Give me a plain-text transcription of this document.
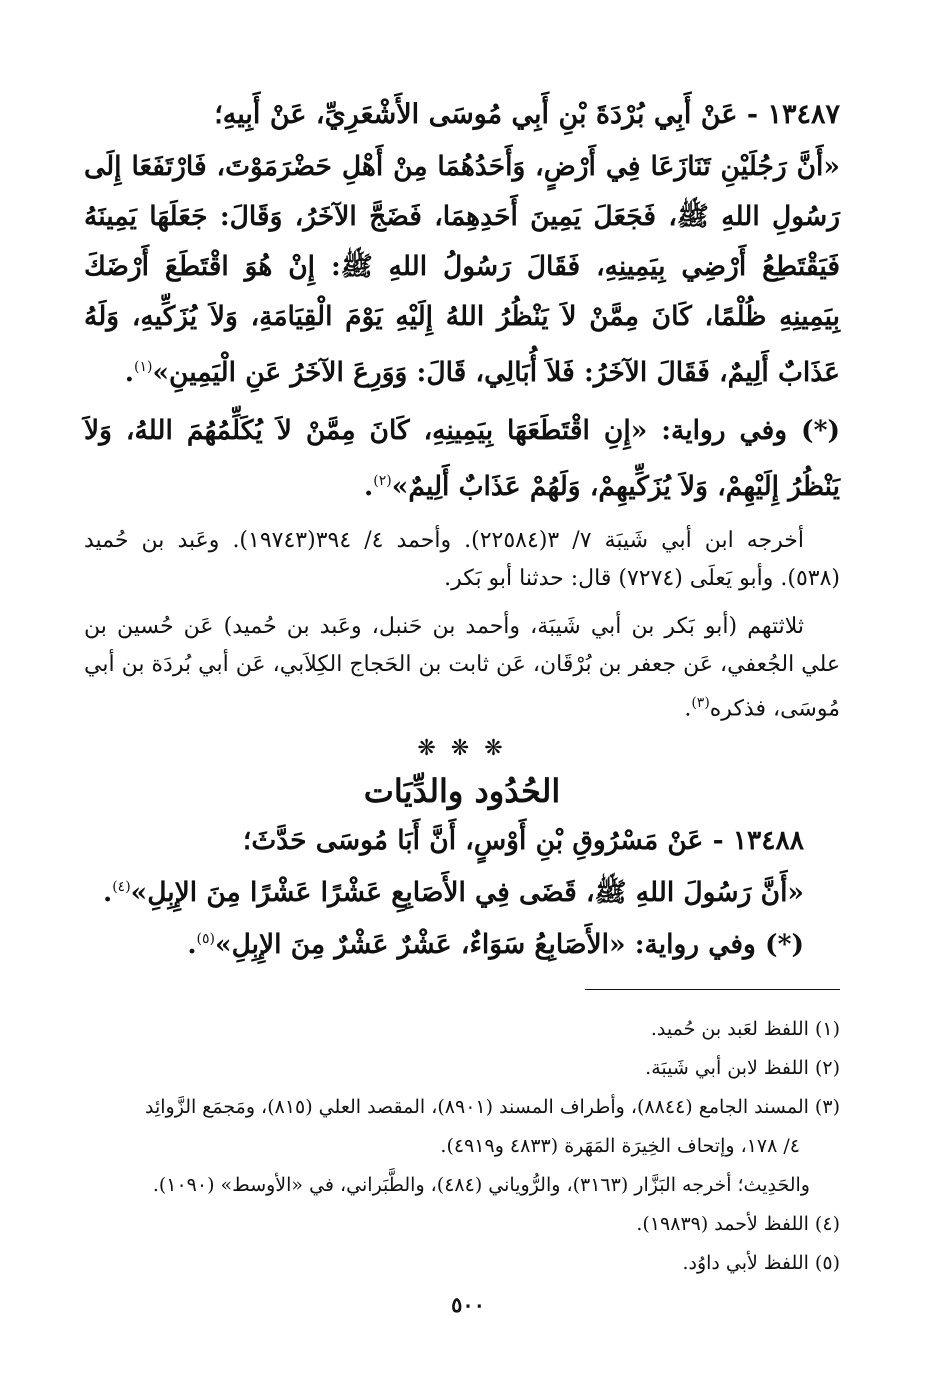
١٣٤٨٧ - عَنْ أَبِي بُرْدَةَ بْنِ أَبِي مُوسَى الأَشْعَرِيِّ، عَنْ أَبِيهِ؛

«أَنَّ رَجُلَيْنِ تَنَازَعَا فِي أَرْضٍ، وَأَحَدُهُمَا مِنْ أَهْلِ حَضْرَمَوْتَ، فَارْتَفَعَا إِلَى رَسُولِ اللهِ ﷺ، فَجَعَلَ يَمِينَ أَحَدِهِمَا، فَضَجَّ الآخَرُ، وَقَالَ: جَعَلَهَا يَمِينَهُ فَيَقْتَطِعُ أَرْضِي بِيَمِينِهِ، فَقَالَ رَسُولُ اللهِ ﷺ: إِنْ هُوَ اقْتَطَعَ أَرْضَكَ بِيَمِينِهِ ظُلْمًا، كَانَ مِمَّنْ لاَ يَنْظُرُ اللهُ إِلَيْهِ يَوْمَ الْقِيَامَةِ، وَلاَ يُزَكِّيهِ، وَلَهُ عَذَابٌ أَلِيمٌ، فَقَالَ الآخَرُ: فَلاَ أُبَالِي، قَالَ: وَوَرِعَ الآخَرُ عَنِ الْيَمِينِ»$^{(١)}$.

(*) وفي رواية: «إِنِ اقْتَطَعَهَا بِيَمِينِهِ، كَانَ مِمَّنْ لاَ يُكَلِّمُهُمَ اللهُ، وَلاَ يَنْظُرُ إِلَيْهِمْ، وَلاَ يُزَكِّيهِمْ، وَلَهُمْ عَذَابٌ أَلِيمٌ»$^{(٢)}$.

أخرجه ابن أبي شَيبَة ٧/ ٣(٢٢٥٨٤). وأحمد ٤/ ٣٩٤(١٩٧٤٣). وعَبد بن حُميد (٥٣٨). وأبو يَعلَى (٧٢٧٤) قال: حدثنا أبو بَكر.

ثلاثتهم (أبو بَكر بن أبي شَيبَة، وأحمد بن حَنبل، وعَبد بن حُميد) عَن حُسين بن علي الجُعفي، عَن جعفر بن بُرْقَان، عَن ثابت بن الحَجاج الكِلاَبي، عَن أبي بُردَة بن أبي مُوسَى، فذكره$^{(٣)}$.

❋ ❋ ❋

الحُدُود والدِّيَات

١٣٤٨٨ - عَنْ مَسْرُوقِ بْنِ أَوْسٍ، أَنَّ أَبَا مُوسَى حَدَّثَ؛

«أَنَّ رَسُولَ اللهِ ﷺ، قَضَى فِي الأَصَابِعِ عَشْرًا عَشْرًا مِنَ الإِبِلِ»$^{(٤)}$.

(*) وفي رواية: «الأَصَابِعُ سَوَاءٌ، عَشْرٌ عَشْرٌ مِنَ الإِبِلِ»$^{(٥)}$.

(١) اللفظ لعَبد بن حُميد.

(٢) اللفظ لابن أبي شَيبَة.

(٣) المسند الجامع (٨٨٤٤)، وأطراف المسند (٨٩٠١)، المقصد العلي (٨١٥)، ومَجمَع الزَّوائِد

٤/ ١٧٨، وإتحاف الخِيرَة المَهَرة (٤٨٣٣ و٤٩١٩).

والحَدِيث؛ أخرجه البَزَّار (٣١٦٣)، والرُّوياني (٤٨٤)، والطَّبَراني، في «الأوسط» (١٠٩٠).

(٤) اللفظ لأحمد (١٩٨٣٩).

(٥) اللفظ لأبي داوُد.

٥٠٠
